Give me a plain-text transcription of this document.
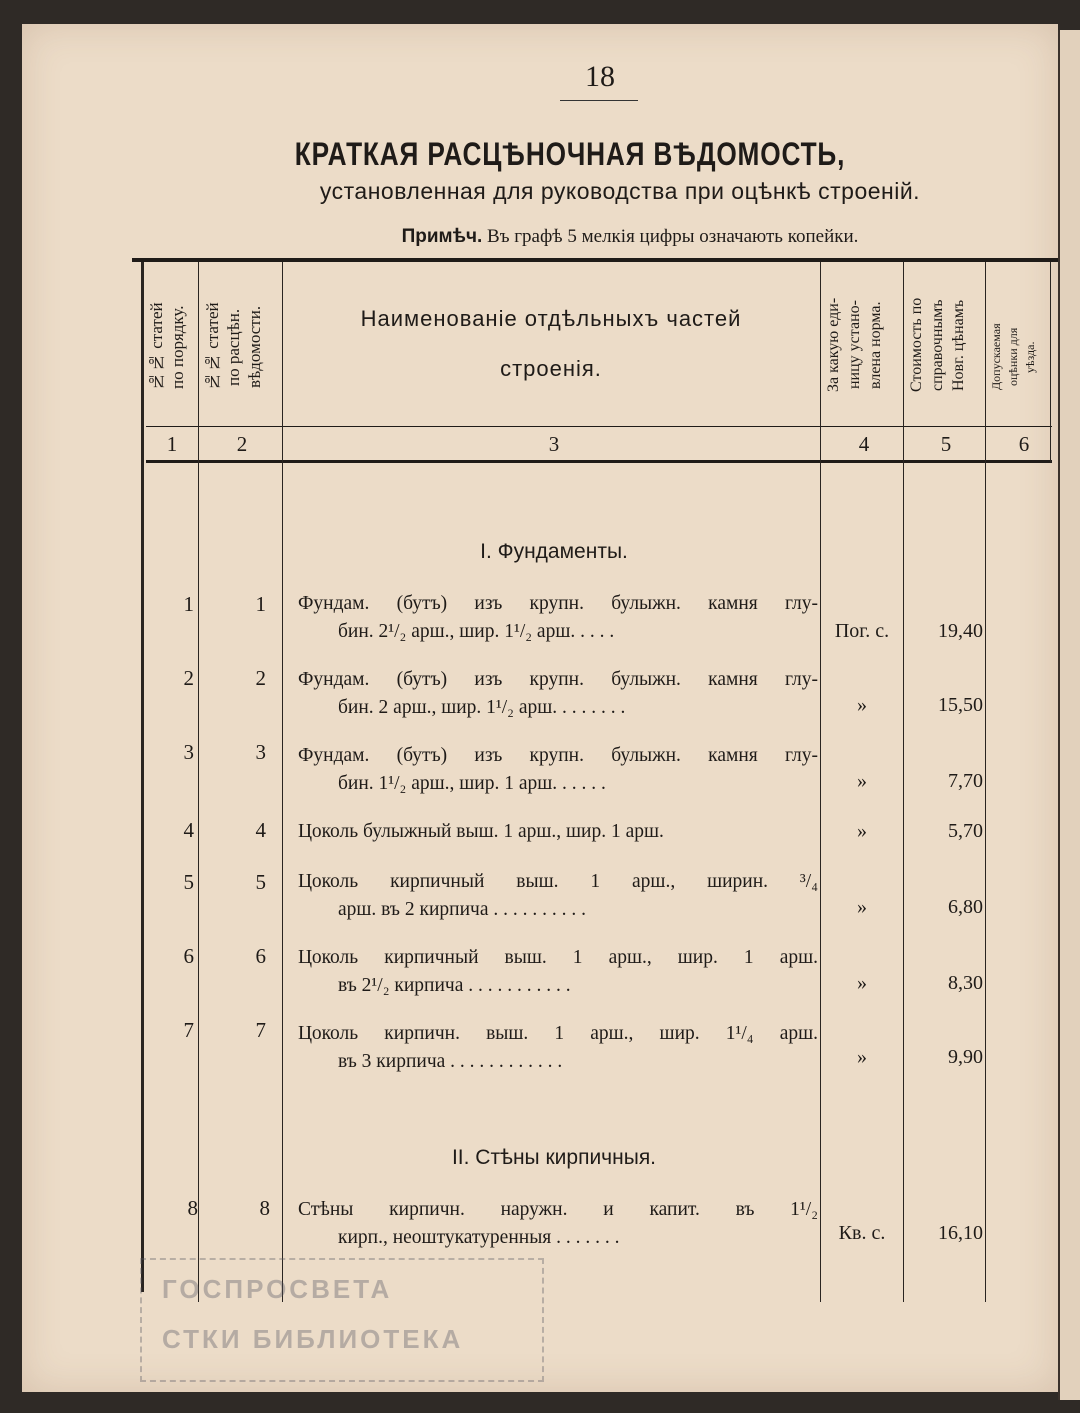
18
КРАТКАЯ РАСЦѢНОЧНАЯ ВѢДОМОСТЬ,
установленная для руководства при оцѣнкѣ строеній.
Примѣч. Въ графѣ 5 мелкія цифры означають копейки.
№№ статей
по порядку.
№№ статей
по расцѣн.
вѣдомости.	Наименованіе отдѣльныхъ частей
строенія.
За какую еди-
ницу устано-
влена норма.	Стоимость по
справочнымъ
Новг. цѣнамъ	Допускаемая
оцѣнки для
уѣзда.
1	2	3	4	5	6
І. Фундаменты.
1	1 Фундам. (бутъ) изъ крупн. булыжн. камня глу-
бин. 2¹/₂ арш., шир. 1¹/₂ арш. . . . .	Пог. с.	19,40
2	2 Фундам. (бутъ) изъ крупн. булыжн. камня глу-
бин. 2 арш., шир. 1¹/₂ арш. . . . . . . .	»	15,50
3	3 Фундам. (бутъ) изъ крупн. булыжн. камня глу-
бин. 1¹/₂ арш., шир. 1 арш. . . . . .	»	7,70
4	4 Цоколь булыжный выш. 1 арш., шир. 1 арш.	»	5,70
5	5 Цоколь кирпичный выш. 1 арш., ширин. ³/₄
арш. въ 2 кирпича . . . . . . . . . .	»	6,80
6	6 Цоколь кирпичный выш. 1 арш., шир. 1 арш.
въ 2¹/₂ кирпича . . . . . . . . . . .	»	8,30
7	7 Цоколь кирпичн. выш. 1 арш., шир. 1¹/₄ арш.
въ 3 кирпича . . . . . . . . . . . .	»	9,90
ІІ. Стѣны кирпичныя.
8	8 Стѣны кирпичн. наружн. и капит. въ 1¹/₂
кирп., неоштукатуренныя . . . . . . .	Кв. с.	16,10
ГОСПРОСВЕТА
СТКИ БИБЛИОТЕКА
